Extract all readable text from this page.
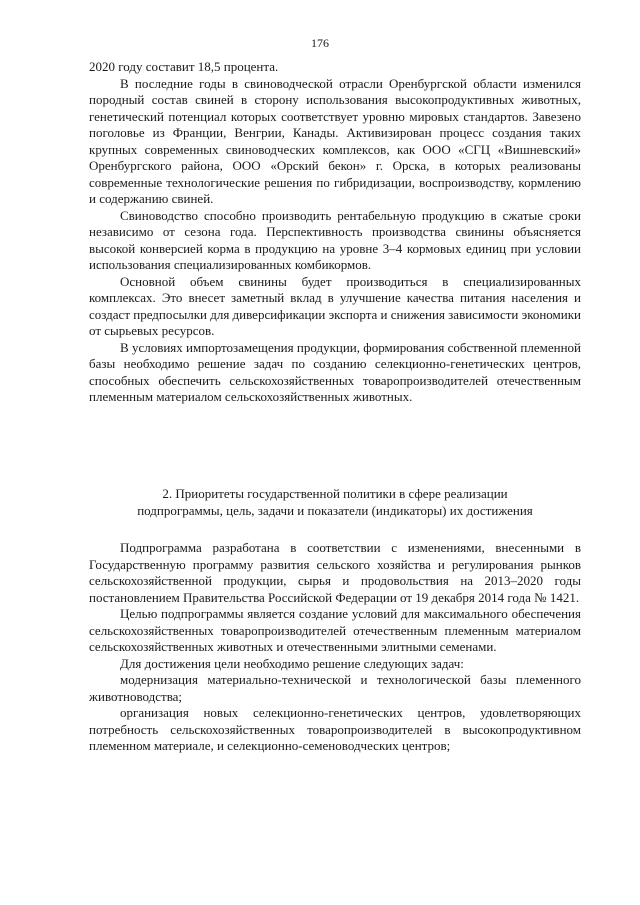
176

2020 году составит 18,5 процента.

В последние годы в свиноводческой отрасли Оренбургской области изменился породный состав свиней в сторону использования высокопродуктивных животных, генетический потенциал которых соответствует уровню мировых стандартов. Завезено поголовье из Франции, Венгрии, Канады. Активизирован процесс создания таких крупных современных свиноводческих комплексов, как ООО «СГЦ «Вишневский» Оренбургского района, ООО «Орский бекон» г. Орска, в которых реализованы современные технологические решения по гибридизации, воспроизводству, кормлению и содержанию свиней.

Свиноводство способно производить рентабельную продукцию в сжатые сроки независимо от сезона года. Перспективность производства свинины объясняется высокой конверсией корма в продукцию на уровне 3–4 кормовых единиц при условии использования специализированных комбикормов.

Основной объем свинины будет производиться в специализированных комплексах. Это внесет заметный вклад в улучшение качества питания населения и создаст предпосылки для диверсификации экспорта и снижения зависимости экономики от сырьевых ресурсов.

В условиях импортозамещения продукции, формирования собственной племенной базы необходимо решение задач по созданию селекционно-генетических центров, способных обеспечить сельскохозяйственных товаропроизводителей отечественным племенным материалом сельскохозяйственных животных.

2. Приоритеты государственной политики в сфере реализации
подпрограммы, цель, задачи и показатели (индикаторы) их достижения

Подпрограмма разработана в соответствии с изменениями, внесенными в Государственную программу развития сельского хозяйства и регулирования рынков сельскохозяйственной продукции, сырья и продовольствия на 2013–2020 годы постановлением Правительства Российской Федерации от 19 декабря 2014 года № 1421.

Целью подпрограммы является создание условий для максимального обеспечения сельскохозяйственных товаропроизводителей отечественным племенным материалом сельскохозяйственных животных и отечественными элитными семенами.

Для достижения цели необходимо решение следующих задач:

модернизация материально-технической и технологической базы племенного животноводства;

организация новых селекционно-генетических центров, удовлетворяющих потребность сельскохозяйственных товаропроизводителей в высокопродуктивном племенном материале, и селекционно-семеноводческих центров;
